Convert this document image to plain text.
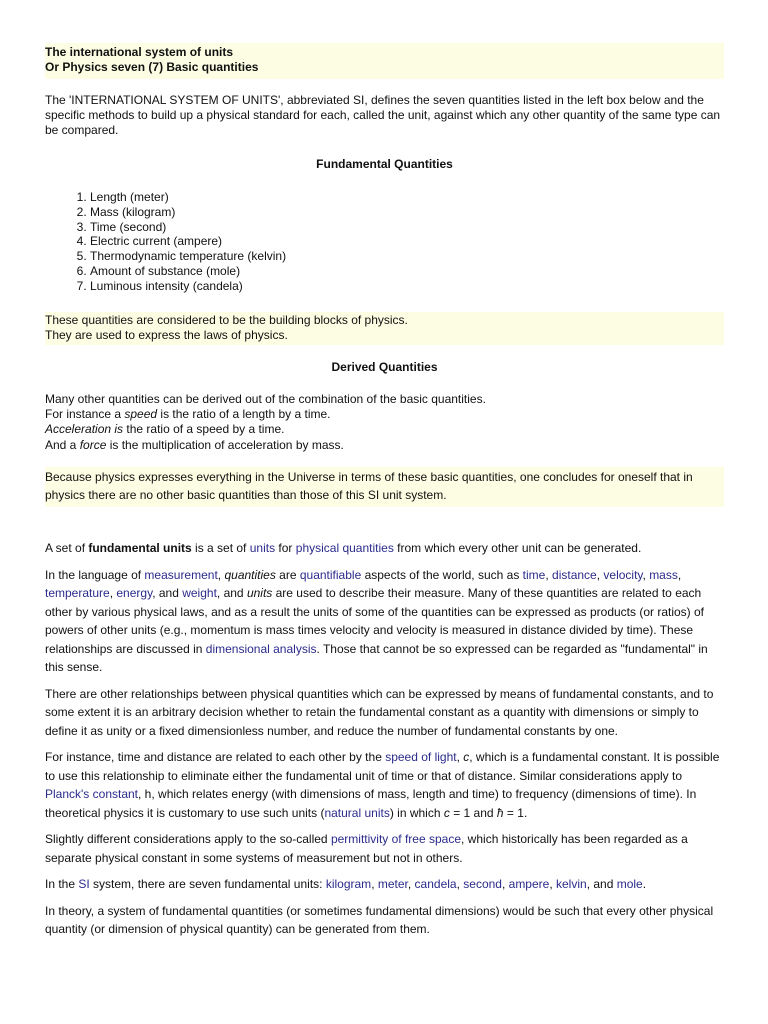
The international system of units
Or Physics seven (7) Basic quantities
The 'INTERNATIONAL SYSTEM OF UNITS', abbreviated SI, defines the seven quantities listed in the left box below and the specific methods to build up a physical standard for each, called the unit, against which any other quantity of the same type can be compared.
Fundamental Quantities
1. Length (meter)
2. Mass (kilogram)
3. Time (second)
4. Electric current (ampere)
5. Thermodynamic temperature (kelvin)
6. Amount of substance (mole)
7. Luminous intensity (candela)
These quantities are considered to be the building blocks of physics.
They are used to express the laws of physics.
Derived Quantities
Many other quantities can be derived out of the combination of the basic quantities.
For instance a speed is the ratio of a length by a time.
Acceleration is the ratio of a speed by a time.
And a force is the multiplication of acceleration by mass.
Because physics expresses everything in the Universe in terms of these basic quantities, one concludes for oneself that in physics there are no other basic quantities than those of this SI unit system.

A set of fundamental units is a set of units for physical quantities from which every other unit can be generated.

In the language of measurement, quantities are quantifiable aspects of the world, such as time, distance, velocity, mass, temperature, energy, and weight, and units are used to describe their measure. Many of these quantities are related to each other by various physical laws, and as a result the units of some of the quantities can be expressed as products (or ratios) of powers of other units (e.g., momentum is mass times velocity and velocity is measured in distance divided by time). These relationships are discussed in dimensional analysis. Those that cannot be so expressed can be regarded as "fundamental" in this sense.

There are other relationships between physical quantities which can be expressed by means of fundamental constants, and to some extent it is an arbitrary decision whether to retain the fundamental constant as a quantity with dimensions or simply to define it as unity or a fixed dimensionless number, and reduce the number of fundamental constants by one.

For instance, time and distance are related to each other by the speed of light, c, which is a fundamental constant. It is possible to use this relationship to eliminate either the fundamental unit of time or that of distance. Similar considerations apply to Planck's constant, h, which relates energy (with dimensions of mass, length and time) to frequency (dimensions of time). In theoretical physics it is customary to use such units (natural units) in which c = 1 and ħ = 1.

Slightly different considerations apply to the so-called permittivity of free space, which historically has been regarded as a separate physical constant in some systems of measurement but not in others.

In the SI system, there are seven fundamental units: kilogram, meter, candela, second, ampere, kelvin, and mole.

In theory, a system of fundamental quantities (or sometimes fundamental dimensions) would be such that every other physical quantity (or dimension of physical quantity) can be generated from them.
